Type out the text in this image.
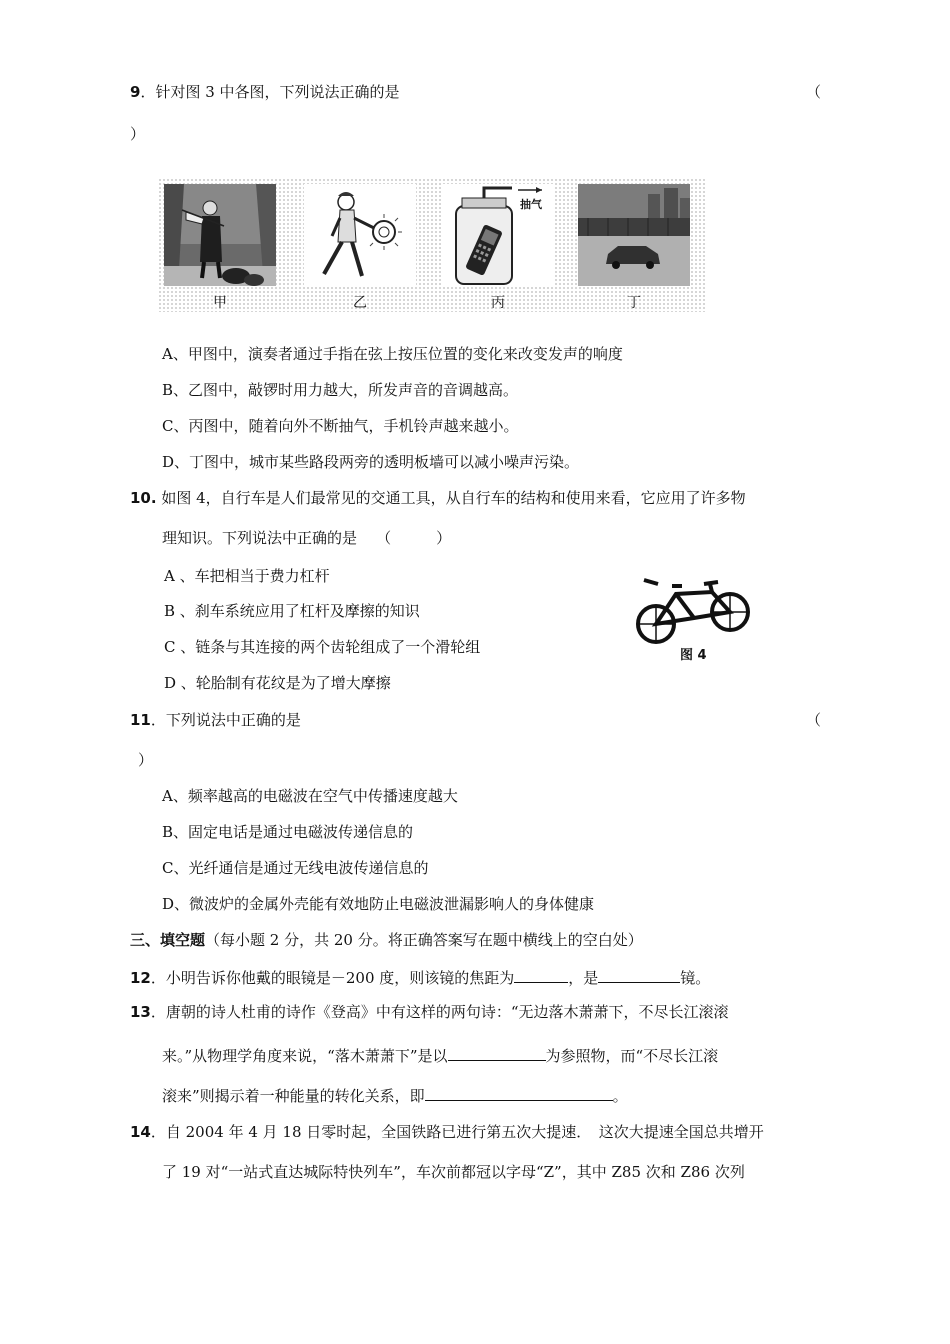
9．针对图 3 中各图，下列说法正确的是	（
）
甲	乙
抽气
丙	丁
A、甲图中，演奏者通过手指在弦上按压位置的变化来改变发声的响度
B、乙图中，敲锣时用力越大，所发声音的音调越高。
C、丙图中，随着向外不断抽气，手机铃声越来越小。
D、丁图中，城市某些路段两旁的透明板墙可以减小噪声污染。
10. 如图 4，自行车是人们最常见的交通工具，从自行车的结构和使用来看，它应用了许多物
理知识。下列说法中正确的是 （　　　）
A 、车把相当于费力杠杆
B 、刹车系统应用了杠杆及摩擦的知识
C 、链条与其连接的两个齿轮组成了一个滑轮组
D 、轮胎制有花纹是为了增大摩擦
图 4
11．下列说法中正确的是	（
）
A、频率越高的电磁波在空气中传播速度越大
B、固定电话是通过电磁波传递信息的
C、光纤通信是通过无线电波传递信息的
D、微波炉的金属外壳能有效地防止电磁波泄漏影响人的身体健康
三、填空题（每小题 2 分，共 20 分。将正确答案写在题中横线上的空白处）
12．小明告诉你他戴的眼镜是－200 度，则该镜的焦距为	，是	镜。
13．唐朝的诗人杜甫的诗作《登高》中有这样的两句诗：“无边落木萧萧下，不尽长江滚滚
来。”从物理学角度来说，“落木萧萧下”是以	为参照物，而“不尽长江滚
滚来”则揭示着一种能量的转化关系，即	。
14．自 2004 年 4 月 18 日零时起，全国铁路已进行第五次大提速．　这次大提速全国总共增开
了 19 对“一站式直达城际特快列车”，车次前都冠以字母“Z”，其中 Z85 次和 Z86 次列
